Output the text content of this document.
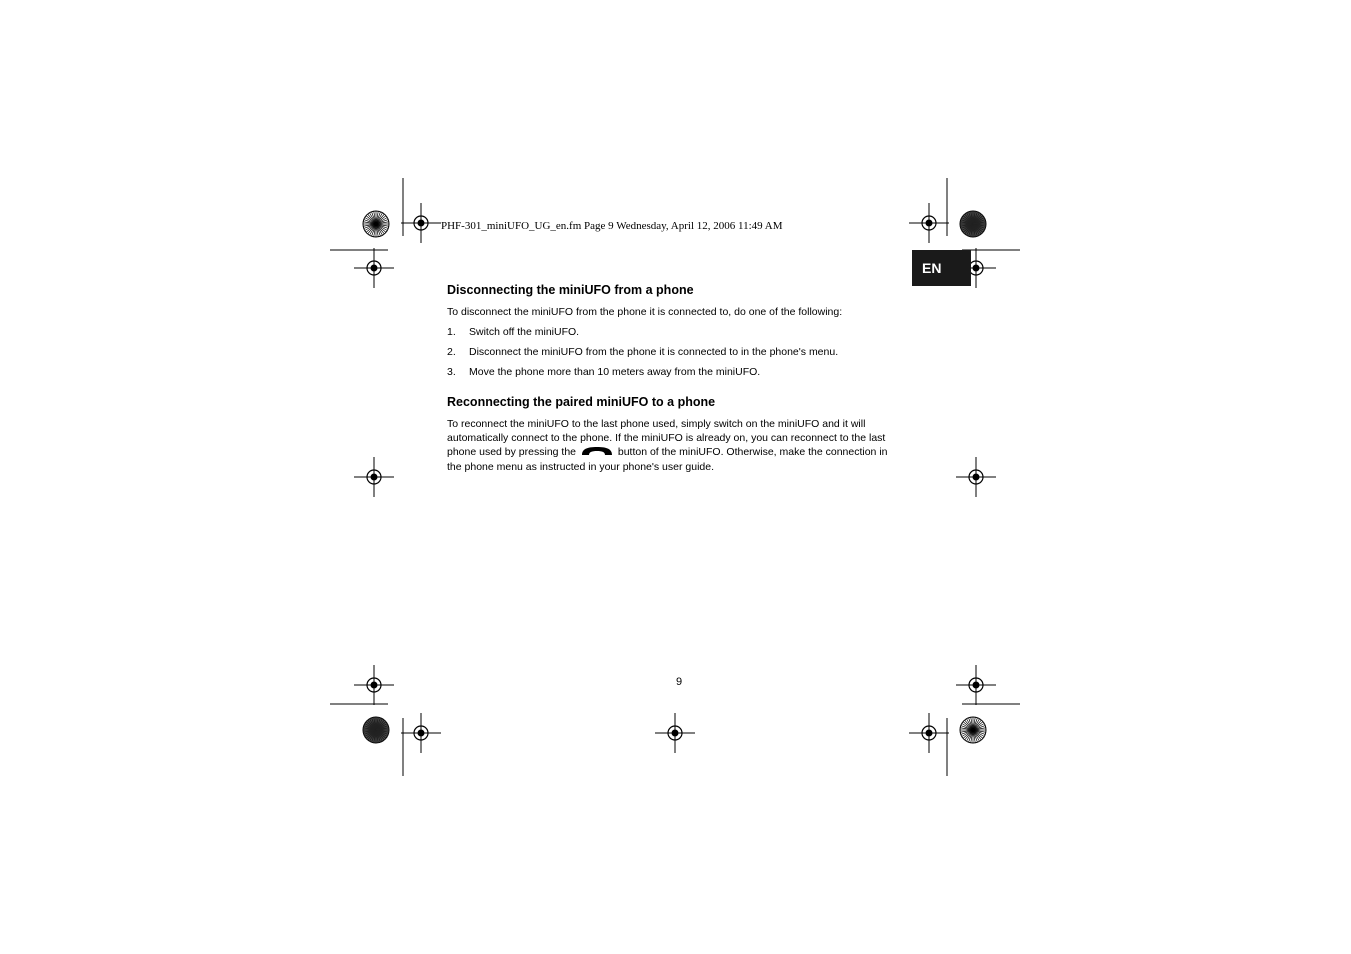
PHF-301_miniUFO_UG_en.fm Page 9 Wednesday, April 12, 2006 11:49 AM
EN
Disconnecting the miniUFO from a phone
To disconnect the miniUFO from the phone it is connected to, do one of the following:
1. Switch off the miniUFO.
2. Disconnect the miniUFO from the phone it is connected to in the phone's menu.
3. Move the phone more than 10 meters away from the miniUFO.
Reconnecting the paired miniUFO to a phone
To reconnect the miniUFO to the last phone used, simply switch on the miniUFO and it will
automatically connect to the phone. If the miniUFO is already on, you can reconnect to the last
phone used by pressing the	button of the miniUFO. Otherwise, make the connection in
the phone menu as instructed in your phone's user guide.
9
